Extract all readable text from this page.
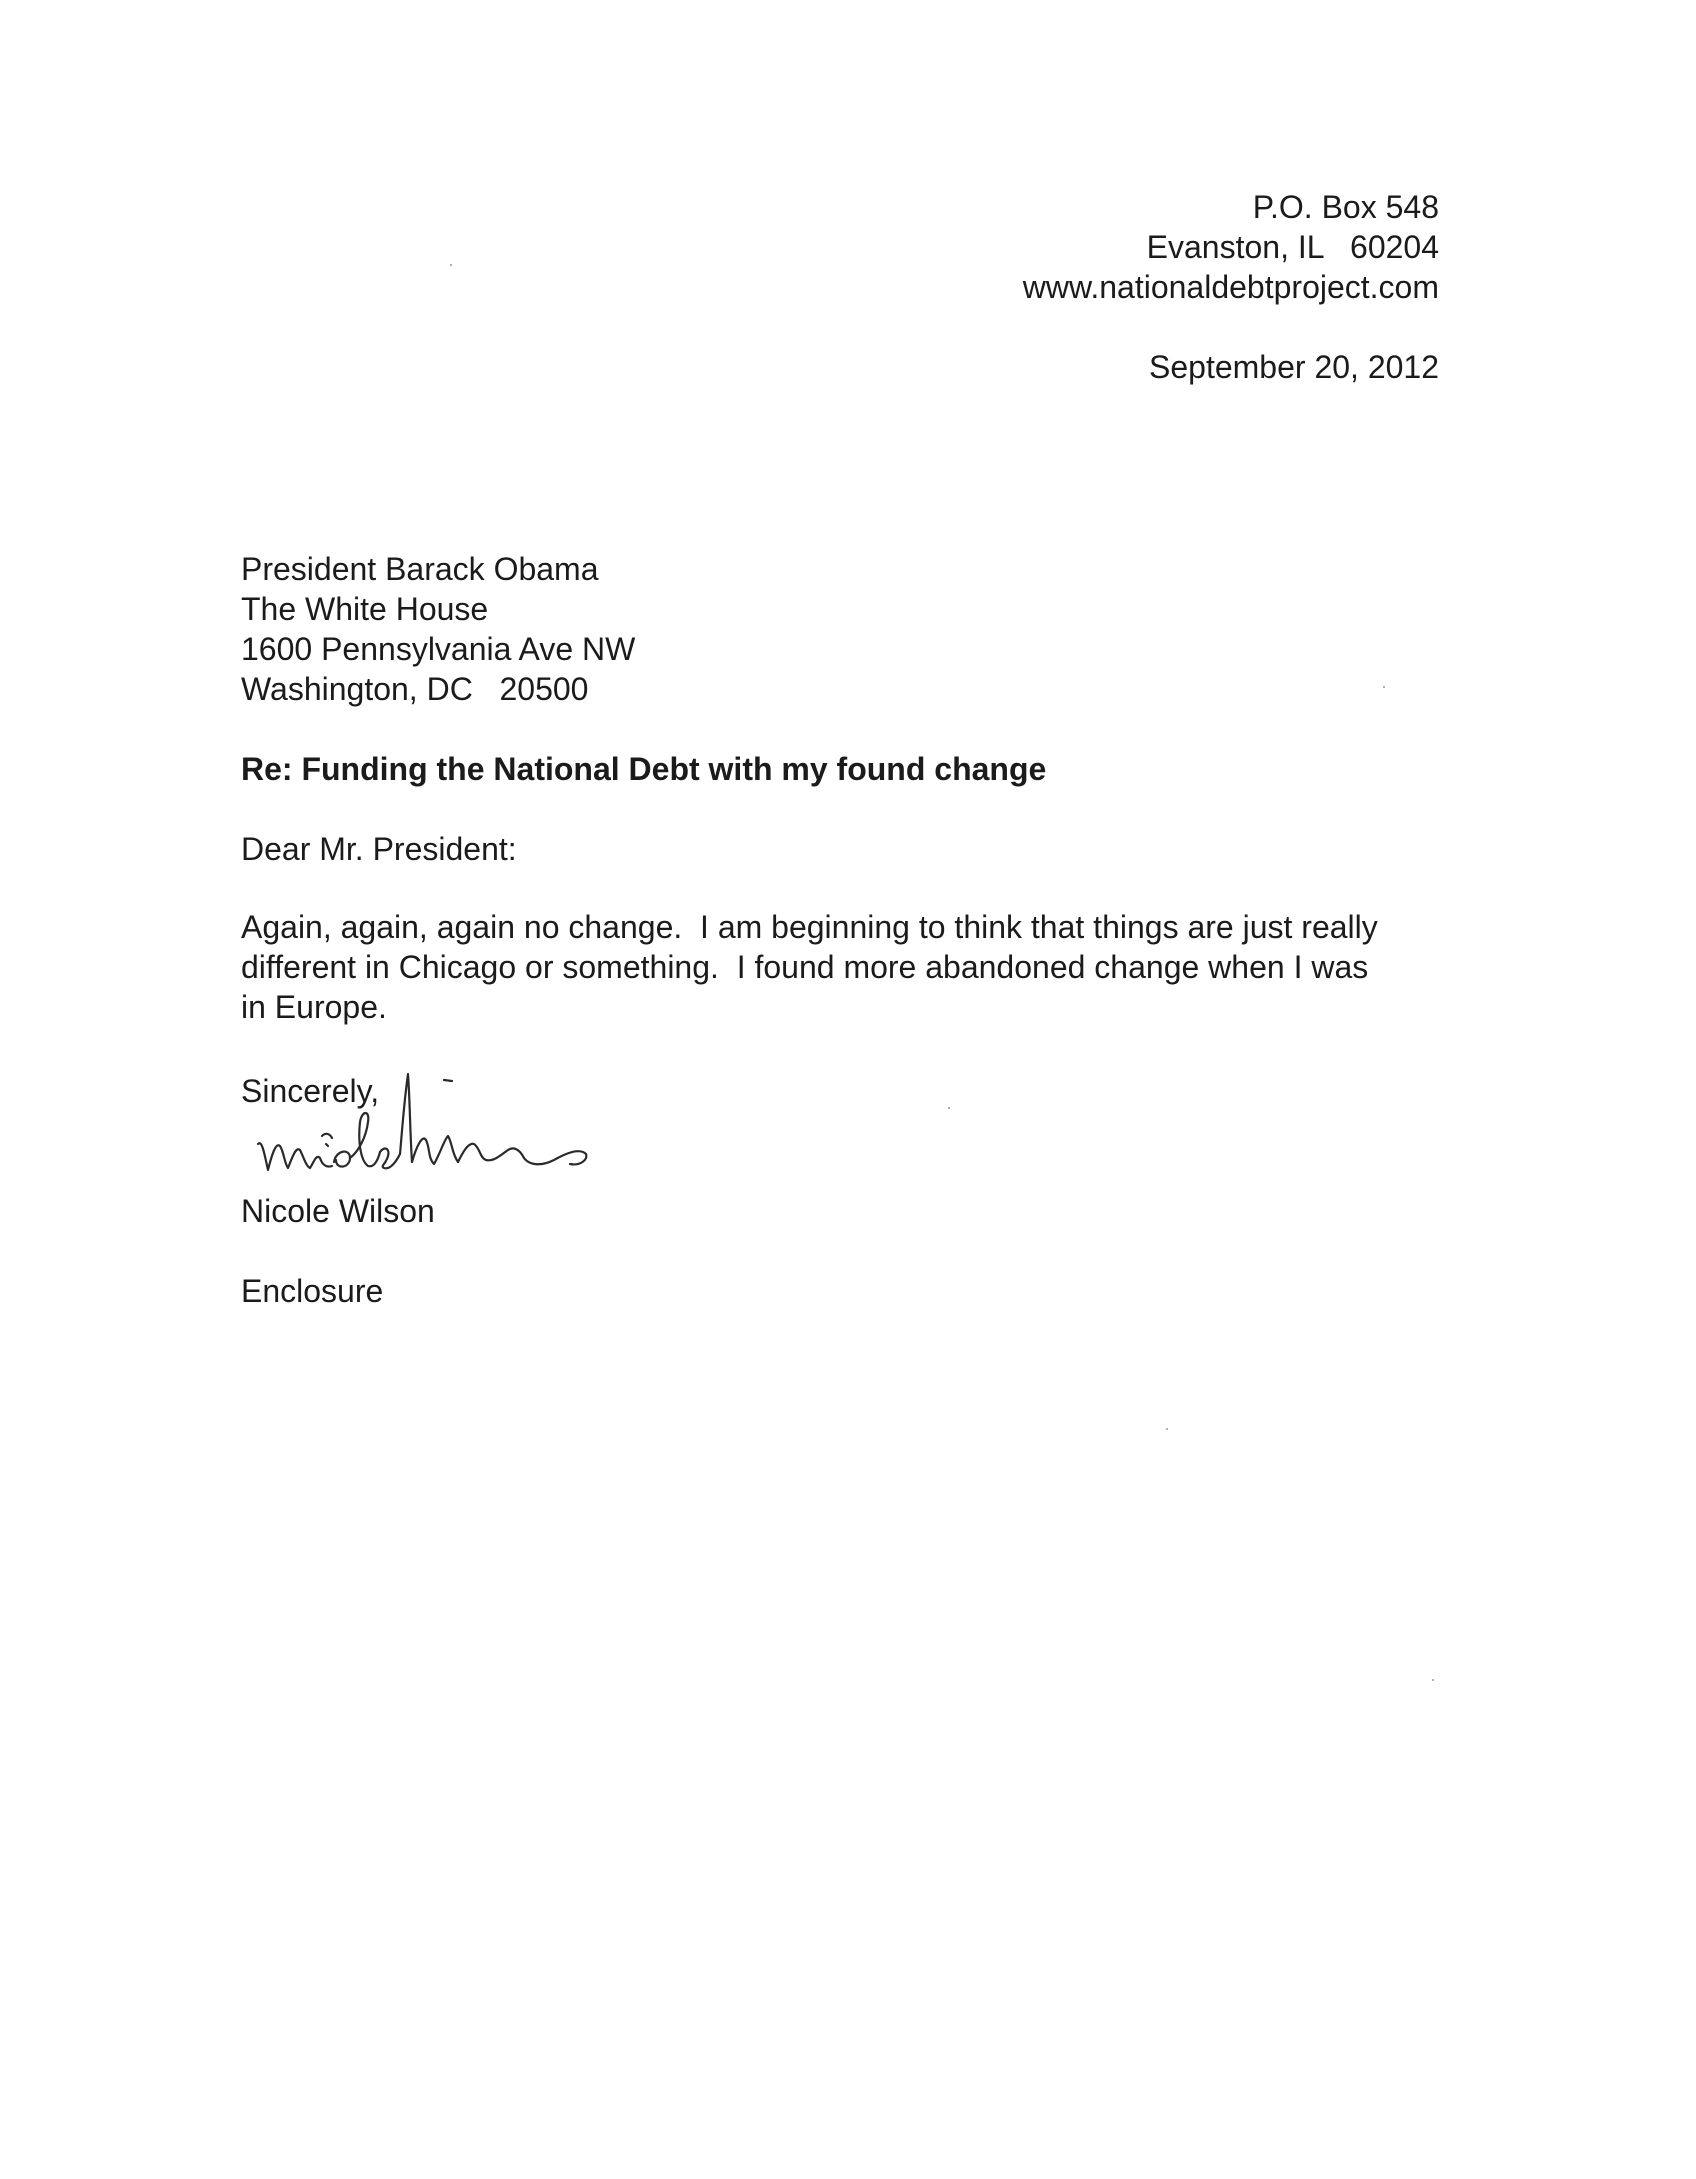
P.O. Box 548
Evanston, IL   60204
www.nationaldebtproject.com
September 20, 2012
President Barack Obama
The White House
1600 Pennsylvania Ave NW
Washington, DC   20500
Re: Funding the National Debt with my found change
Dear Mr. President:
Again, again, again no change.  I am beginning to think that things are just really
different in Chicago or something.  I found more abandoned change when I was
in Europe.
Sincerely,
Nicole Wilson
Enclosure
